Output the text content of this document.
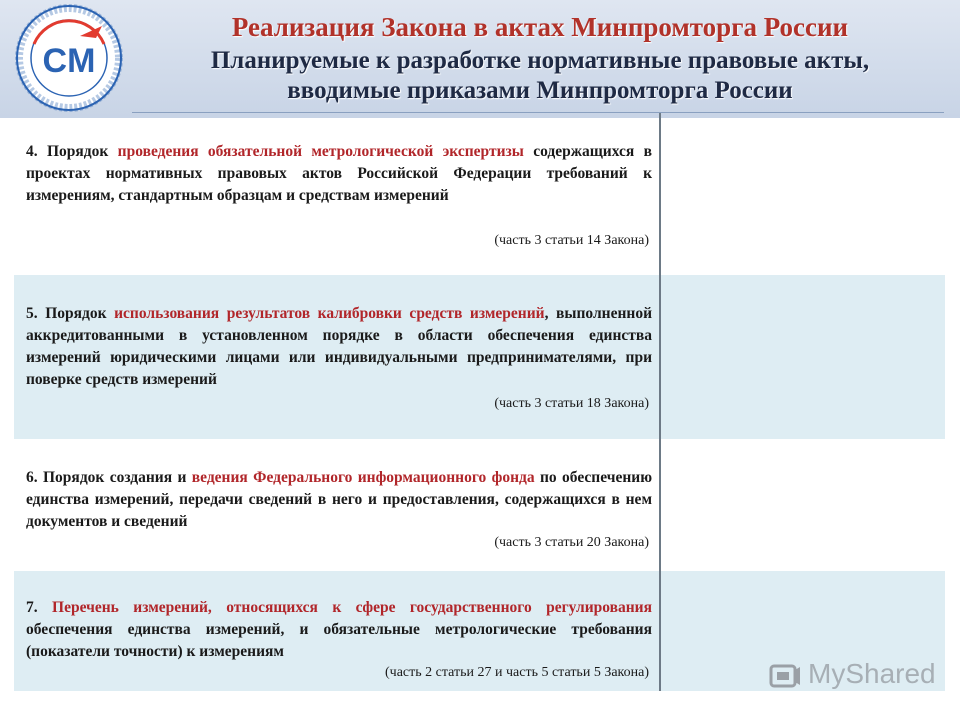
CM
Реализация Закона в актах Минпромторга России
Планируемые к разработке нормативные правовые акты,
вводимые приказами Минпромторга России
4. Порядок проведения обязательной метрологической экспертизы содержащихся в проектах нормативных правовых актов Российской Федерации требований к измерениям, стандартным образцам и средствам измерений
(часть 3 статьи 14 Закона)
5. Порядок использования результатов калибровки средств измерений, выполненной аккредитованными в установленном порядке в области обеспечения единства измерений юридическими лицами или индивидуальными предпринимателями, при поверке средств измерений
(часть 3 статьи 18 Закона)
6. Порядок создания и ведения Федерального информационного фонда по обеспечению единства измерений, передачи сведений в него и предоставления, содержащихся в нем документов и сведений
(часть 3 статьи 20 Закона)
7. Перечень измерений, относящихся к сфере государственного регулирования обеспечения единства измерений, и обязательные метрологические требования (показатели точности) к измерениям
(часть 2 статьи 27 и часть 5 статьи 5 Закона)	MyShared
